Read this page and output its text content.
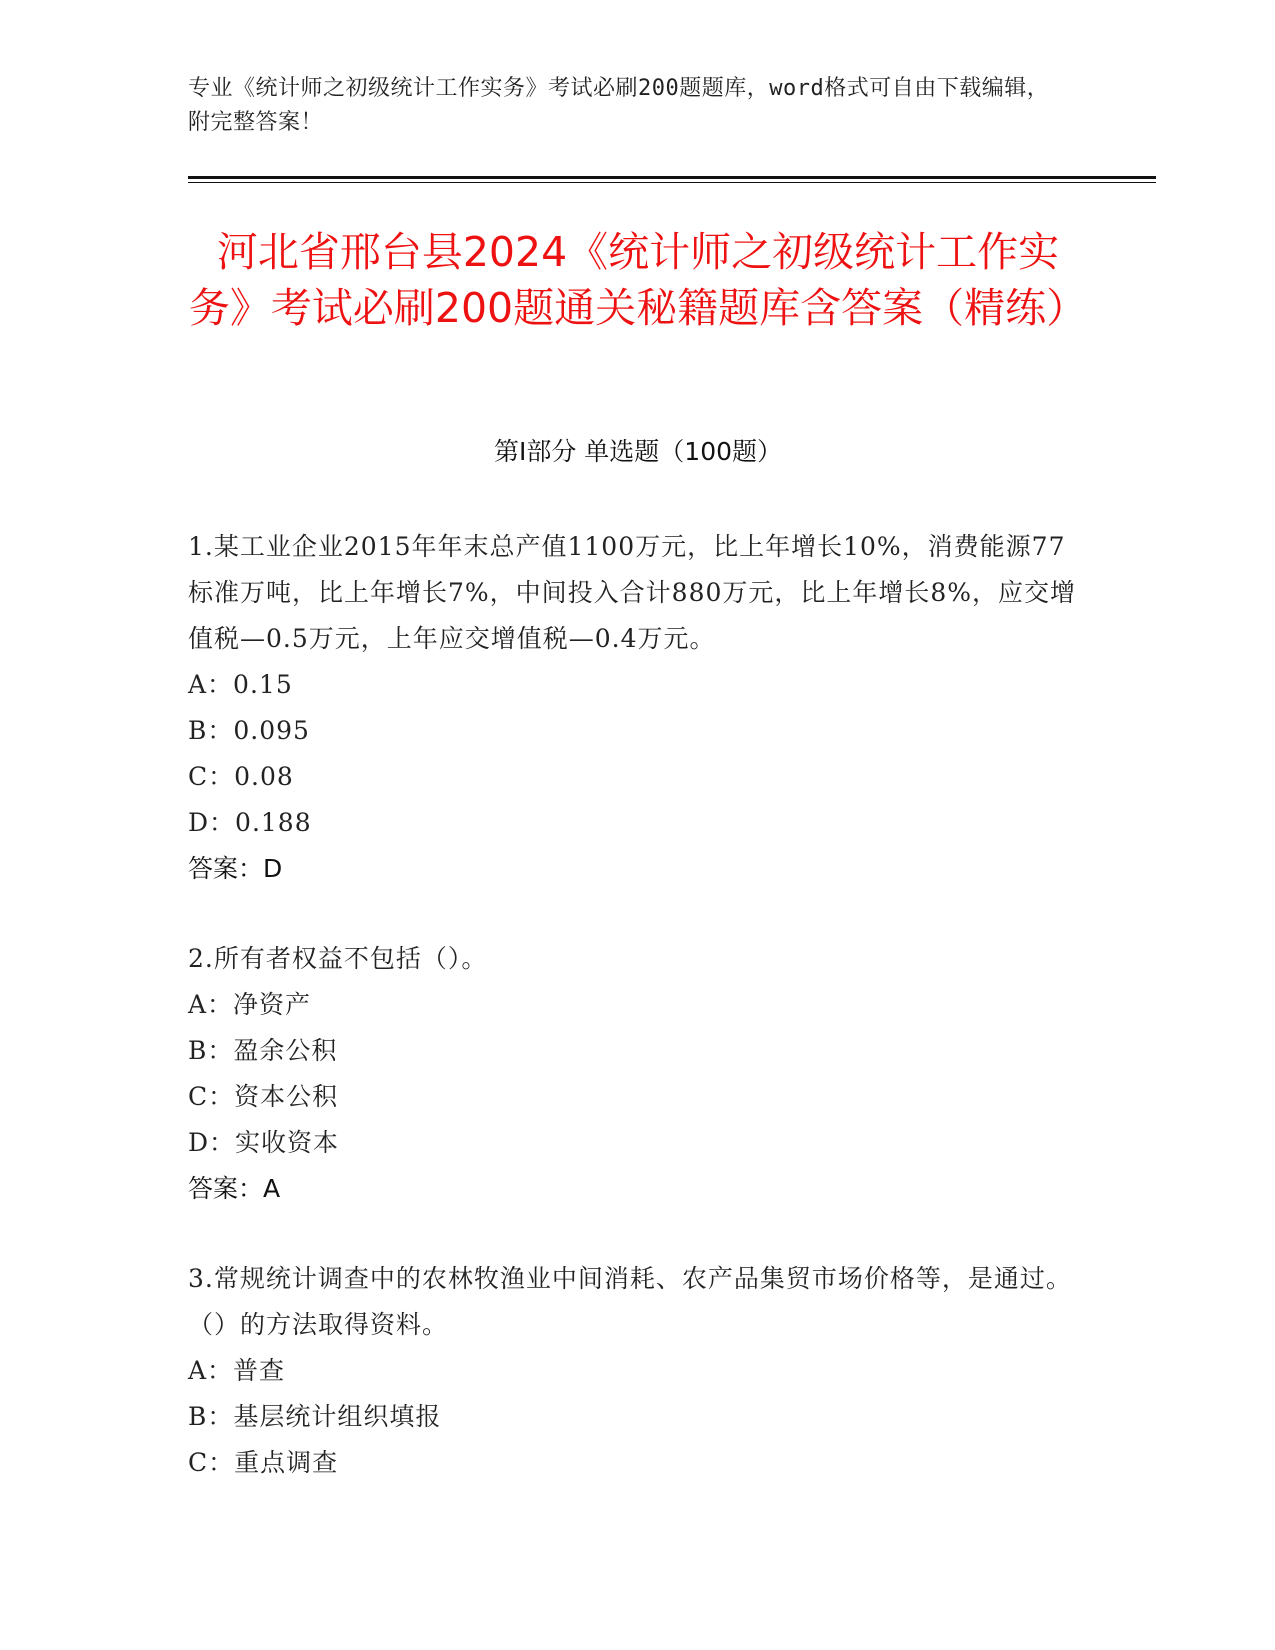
专业《统计师之初级统计工作实务》考试必刷200题题库，word格式可自由下载编辑，附完整答案！
河北省邢台县2024《统计师之初级统计工作实务》考试必刷200题通关秘籍题库含答案（精练）
第Ⅰ部分 单选题（100题）
1.某工业企业2015年年末总产值1100万元，比上年增长10%，消费能源77标准万吨，比上年增长7%，中间投入合计880万元，比上年增长8%，应交增值税—0.5万元，上年应交增值税—0.4万元。
A：0.15
B：0.095
C：0.08
D：0.188
答案：D
2.所有者权益不包括（）。
A：净资产
B：盈余公积
C：资本公积
D：实收资本
答案：A
3.常规统计调查中的农林牧渔业中间消耗、农产品集贸市场价格等，是通过。（）的方法取得资料。
A：普查
B：基层统计组织填报
C：重点调查
